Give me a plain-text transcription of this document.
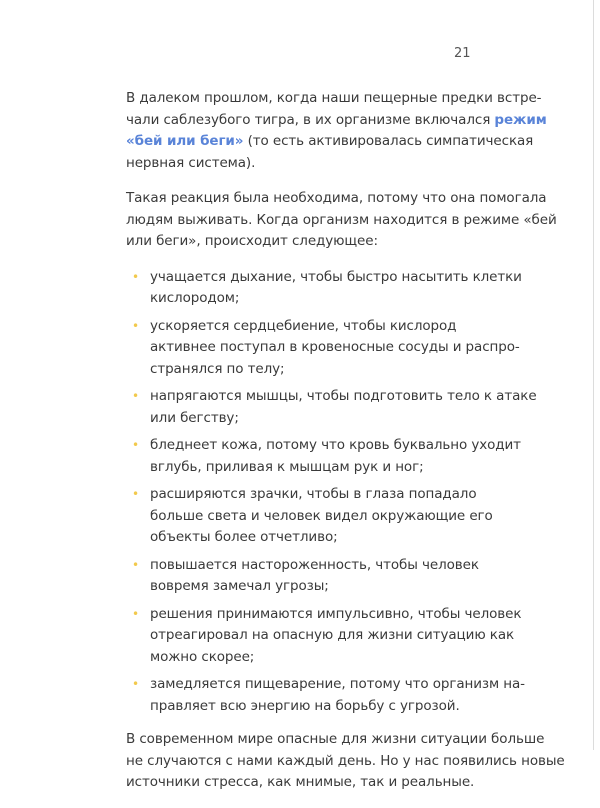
21

В далеком прошлом, когда наши пещерные предки встре-
чали саблезубого тигра, в их организме включался режим
«бей или беги» (то есть активировалась симпатическая
нервная система).

Такая реакция была необходима, потому что она помогала
людям выживать. Когда организм находится в режиме «бей
или беги», происходит следующее:

• учащается дыхание, чтобы быстро насытить клетки
кислородом;
• ускоряется сердцебиение, чтобы кислород
активнее поступал в кровеносные сосуды и распро-
странялся по телу;
• напрягаются мышцы, чтобы подготовить тело к атаке
или бегству;
• бледнеет кожа, потому что кровь буквально уходит
вглубь, приливая к мышцам рук и ног;
• расширяются зрачки, чтобы в глаза попадало
больше света и человек видел окружающие его
объекты более отчетливо;
• повышается настороженность, чтобы человек
вовремя замечал угрозы;
• решения принимаются импульсивно, чтобы человек
отреагировал на опасную для жизни ситуацию как
можно скорее;
• замедляется пищеварение, потому что организм на-
правляет всю энергию на борьбу с угрозой.

В современном мире опасные для жизни ситуации больше
не случаются с нами каждый день. Но у нас появились новые
источники стресса, как мнимые, так и реальные.
